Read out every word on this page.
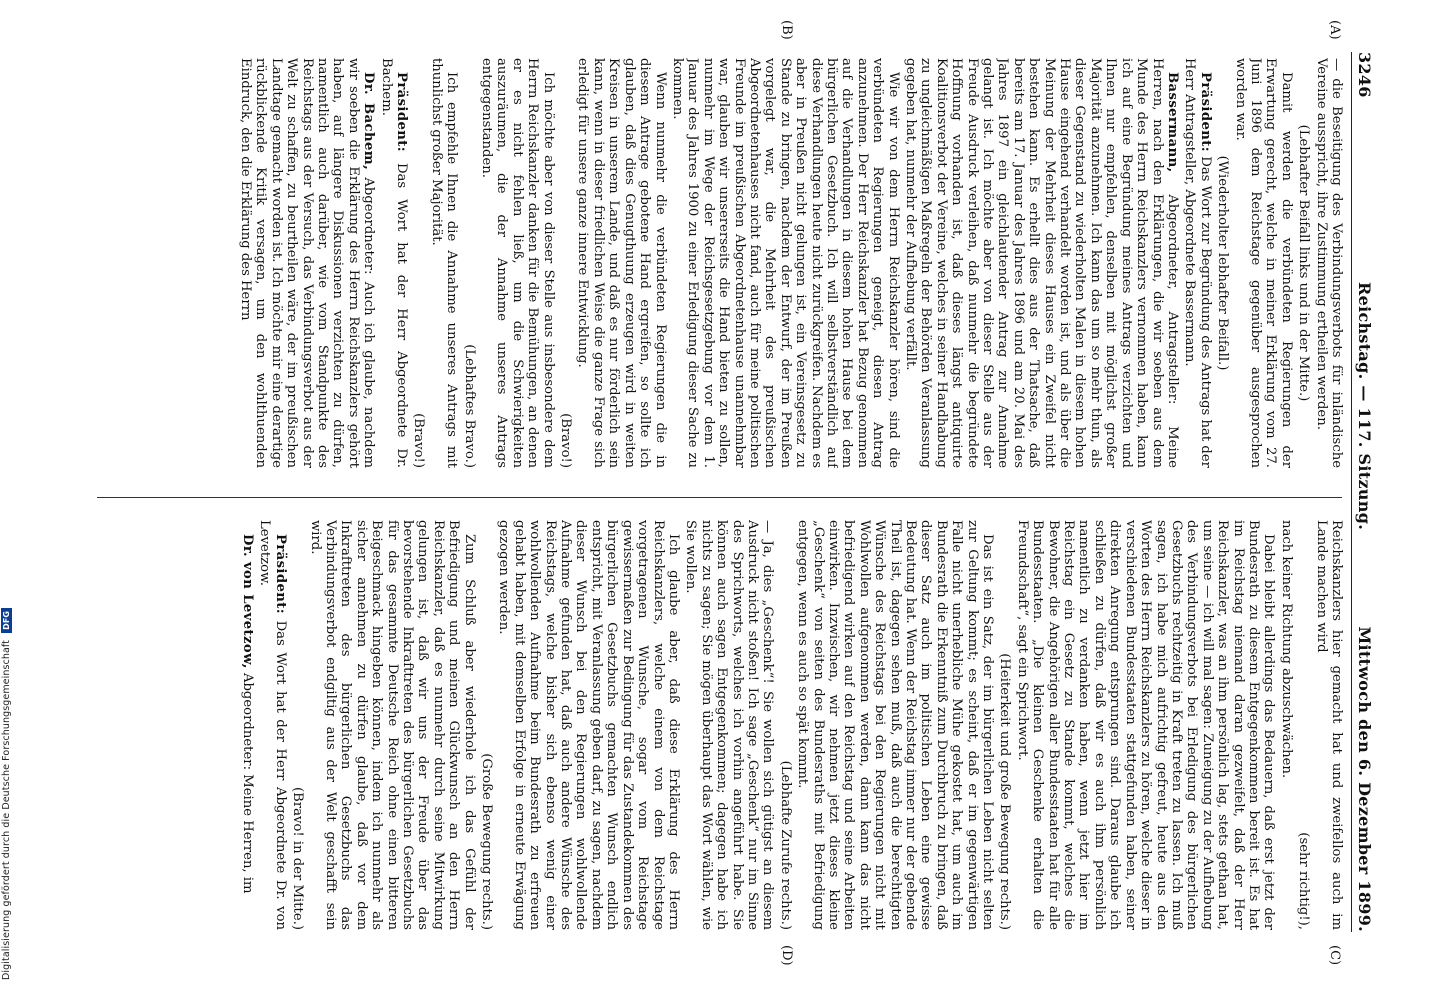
3246
Reichstag. — 117. Sitzung.
Mittwoch den 6. Dezember 1899.
(A)
(B)
(C)
(D)

— die Beseitigung des Verbindungsverbots für inländische Vereine ausspricht, ihre Zustimmung ertheilen werden.

(Lebhafter Beifall links und in der Mitte.)

Damit werden die verbündeten Regierungen der Erwartung gerecht, welche in meiner Erklärung vom 27. Juni 1896 dem Reichstage gegenüber ausgesprochen worden war.

(Wiederholter lebhafter Beifall.)

Präsident: Das Wort zur Begründung des Antrags hat der Herr Antragsteller, Abgeordnete Bassermann.

Bassermann, Abgeordneter, Antragsteller: Meine Herren, nach den Erklärungen, die wir soeben aus dem Munde des Herrn Reichskanzlers vernommen haben, kann ich auf eine Begründung meines Antrags verzichten und Ihnen nur empfehlen, denselben mit möglichst großer Majorität anzunehmen. Ich kann das um so mehr thun, als dieser Gegenstand zu wiederholten Malen in diesem hohen Hause eingehend verhandelt worden ist, und als über die Meinung der Mehrheit dieses Hauses ein Zweifel nicht bestehen kann. Es erhellt dies aus der Thatsache, daß bereits am 17. Januar des Jahres 1896 und am 20. Mai des Jahres 1897 ein gleichlautender Antrag zur Annahme gelangt ist. Ich möchte aber von dieser Stelle aus der Freude Ausdruck verleihen, daß nunmehr die begründete Hoffnung vorhanden ist, daß dieses längst antiquirte Koalitionsverbot der Vereine, welches in seiner Handhabung zu ungleichmäßigen Maßregeln der Behörden Veranlassung gegeben hat, nunmehr der Aufhebung verfällt.

Wie wir von dem Herrn Reichskanzler hören, sind die verbündeten Regierungen geneigt, diesen Antrag anzunehmen. Der Herr Reichskanzler hat Bezug genommen auf die Verhandlungen in diesem hohen Hause bei dem bürgerlichen Gesetzbuch. Ich will selbstverständlich auf diese Verhandlungen heute nicht zurückgreifen. Nachdem es aber in Preußen nicht gelungen ist, ein Vereinsgesetz zu Stande zu bringen, nachdem der Entwurf, der im Preußen vorgelegt war, die Mehrheit des preußischen Abgeordnetenhauses nicht fand, auch für meine politischen Freunde im preußischen Abgeordnetenhause unannehmbar war, glauben wir unsererseits die Hand bieten zu sollen, nunmehr im Wege der Reichsgesetzgebung vor dem 1. Januar des Jahres 1900 zu einer Erledigung dieser Sache zu kommen.

Wenn nunmehr die verbündeten Regierungen die in diesem Antrage gebotene Hand ergreifen, so sollte ich glauben, daß dies Genugthuung erzeugen wird in weiten Kreisen in unserem Lande, und daß es nur förderlich sein kann, wenn in dieser friedlichen Weise die ganze Frage sich erledigt für unsere ganze innere Entwicklung.

(Bravo!)

Ich möchte aber von dieser Stelle aus insbesondere dem Herrn Reichskanzler danken für die Bemühungen, an denen er es nicht fehlen ließ, um die Schwierigkeiten auszuräumen, die der Annahme unseres Antrags entgegenstanden.

(Lebhaftes Bravo.)

Ich empfehle Ihnen die Annahme unseres Antrags mit thunlichst großer Majorität.

(Bravo!)

Präsident: Das Wort hat der Herr Abgeordnete Dr. Bachem.

Dr. Bachem, Abgeordneter: Auch ich glaube, nachdem wir soeben die Erklärung des Herrn Reichskanzlers gehört haben, auf längere Diskussionen verzichten zu dürfen, namentlich auch darüber, wie vom Standpunkte des Reichstags aus der Versuch, das Verbindungsverbot aus der Welt zu schaffen, zu beurtheilen wäre, der im preußischen Landtage gemacht worden ist. Ich möchte mir eine derartige rückblickende Kritik versagen, um den wohlthuenden Eindruck, den die Erklärung des Herrn

Reichskanzlers hier gemacht hat und zweifellos auch im Lande machen wird

(sehr richtig!),

nach keiner Richtung abzuschwächen.

Dabei bleibt allerdings das Bedauern, daß erst jetzt der Bundesrath zu diesem Entgegenkommen bereit ist. Es hat im Reichstag niemand daran gezweifelt, daß der Herr Reichskanzler, was an ihm persönlich lag, stets gethan hat, um seine — ich will mal sagen: Zuneigung zu der Aufhebung des Verbindungsverbots bei Erledigung des bürgerlichen Gesetzbuchs rechtzeitig in Kraft treten zu lassen. Ich muß sagen, ich habe mich aufrichtig gefreut, heute aus den Worten des Herrn Reichskanzlers zu hören, welche dieser in verschiedenen Bundesstaaten stattgefunden haben, seiner direkten Anregung entsprungen sind. Daraus glaube ich schließen zu dürfen, daß wir es auch ihm persönlich namentlich zu verdanken haben, wenn jetzt hier im Reichstag ein Gesetz zu Stande kommt, welches die Bewohner, die Angehörigen aller Bundesstaaten hat für alle Bundesstaaten. „Die kleinen Geschenke erhalten die Freundschaft“, sagt ein Sprichwort.

(Heiterkeit und große Bewegung rechts.)

Das ist ein Satz, der im bürgerlichen Leben nicht selten zur Geltung kommt; es scheint, daß er im gegenwärtigen Falle nicht unerhebliche Mühe gekostet hat, um auch im Bundesrath die Erkenntniß zum Durchbruch zu bringen, daß dieser Satz auch im politischen Leben eine gewisse Bedeutung hat. Wenn der Reichstag immer nur der gebende Theil ist, dagegen sehen muß, daß auch die berechtigten Wünsche des Reichstags bei den Regierungen nicht mit Wohlwollen aufgenommen werden, dann kann das nicht befriedigend wirken auf den Reichstag und seine Arbeiten einwirken. Inzwischen, wir nehmen jetzt dieses kleine „Geschenk“ von seiten des Bundesraths mit Befriedigung entgegen, wenn es auch so spät kommt.

(Lebhafte Zurufe rechts.)

— Ja, dies „Geschenk“! Sie wollen sich gütigst an diesem Ausdruck nicht stoßen! Ich sage „Geschenk“ nur im Sinne des Sprichworts, welches ich vorhin angeführt habe. Sie können auch sagen Entgegenkommen; dagegen habe ich nichts zu sagen; Sie mögen überhaupt das Wort wählen, wie Sie wollen.

Ich glaube aber, daß diese Erklärung des Herrn Reichskanzlers, welche einem von dem Reichstage vorgetragenen Wunsche, sogar vom Reichstage gewissermaßen zur Bedingung für das Zustandekommen des bürgerlichen Gesetzbuchs gemachten Wunsch endlich entspricht, mit Veranlassung geben darf, zu sagen, nachdem dieser Wunsch bei den Regierungen wohlwollende Aufnahme gefunden hat, daß auch andere Wünsche des Reichstags, welche bisher sich ebenso wenig einer wohlwollenden Aufnahme beim Bundesrath zu erfreuen gehabt haben, mit demselben Erfolge in erneute Erwägung gezogen werden.

(Große Bewegung rechts.)

Zum Schluß aber wiederhole ich das Gefühl der Befriedigung und meinen Glückwunsch an den Herrn Reichskanzler, daß es nunmehr durch seine Mitwirkung gelungen ist, daß wir uns der Freude über das bevorstehende Inkrafttreten des bürgerlichen Gesetzbuchs für das gesammte Deutsche Reich ohne einen bitteren Beigeschmack hingeben können, indem ich nunmehr als sicher annehmen zu dürfen glaube, daß vor dem Inkrafttreten des bürgerlichen Gesetzbuchs das Verbindungsverbot endgiltig aus der Welt geschafft sein wird.

(Bravo! in der Mitte.)

Präsident: Das Wort hat der Herr Abgeordnete Dr. von Levetzow.

Dr. von Levetzow, Abgeordneter: Meine Herren, im

Digitalisierung gefördert durch die Deutsche Forschungsgemeinschaft DFG
